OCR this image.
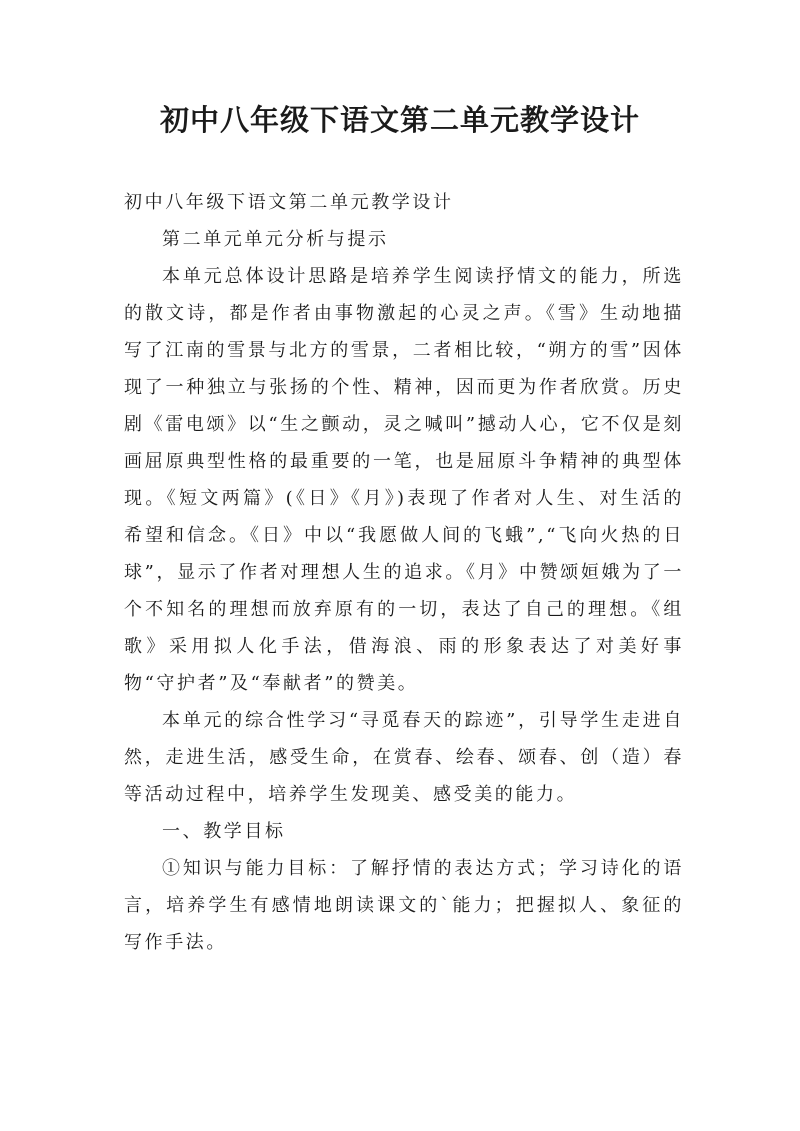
初中八年级下语文第二单元教学设计

初中八年级下语文第二单元教学设计

第二单元单元分析与提示

本单元总体设计思路是培养学生阅读抒情文的能力，所选的散文诗，都是作者由事物激起的心灵之声。《雪》生动地描写了江南的雪景与北方的雪景，二者相比较，“朔方的雪”因体现了一种独立与张扬的个性、精神，因而更为作者欣赏。历史剧《雷电颂》以“生之颤动，灵之喊叫”撼动人心，它不仅是刻画屈原典型性格的最重要的一笔，也是屈原斗争精神的典型体现。《短文两篇》(《日》《月》)表现了作者对人生、对生活的希望和信念。《日》中以“我愿做人间的飞蛾”,“飞向火热的日球”，显示了作者对理想人生的追求。《月》中赞颂姮娥为了一个不知名的理想而放弃原有的一切，表达了自己的理想。《组歌》采用拟人化手法，借海浪、雨的形象表达了对美好事物“守护者”及“奉献者”的赞美。

本单元的综合性学习“寻觅春天的踪迹”，引导学生走进自然，走进生活，感受生命，在赏春、绘春、颂春、创（造）春等活动过程中，培养学生发现美、感受美的能力。

一、教学目标

①知识与能力目标：了解抒情的表达方式；学习诗化的语言，培养学生有感情地朗读课文的`能力；把握拟人、象征的写作手法。
